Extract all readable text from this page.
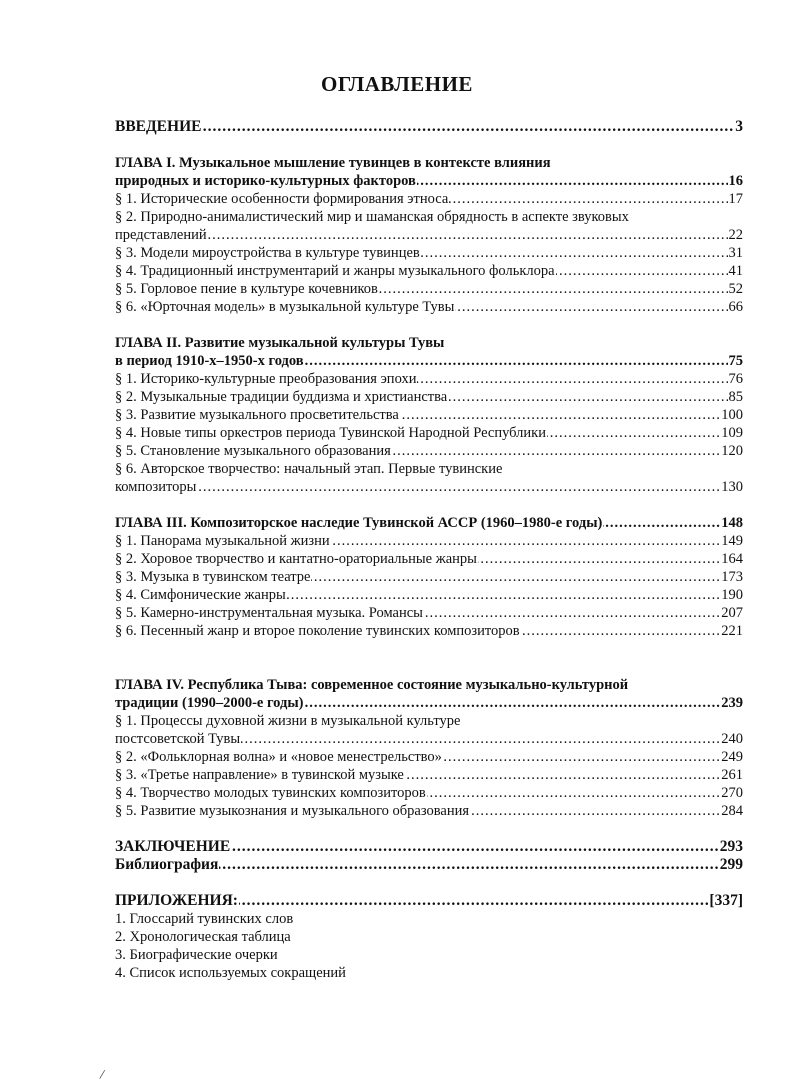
ОГЛАВЛЕНИЕ
ВВЕДЕНИЕ	3
.....
ГЛАВА I. Музыкальное мышление тувинцев в контексте влияния
природных и историко-культурных факторов	16
.....
§ 1. Исторические особенности формирования этноса	17
.....
§ 2. Природно-анималистический мир и шаманская обрядность в аспекте звуковых
представлений	22
.....
§ 3. Модели мироустройства в культуре тувинцев	31
.....
§ 4. Традиционный инструментарий и жанры музыкального фольклора	41
.....
§ 5. Горловое пение в культуре кочевников	52
.....
§ 6. «Юрточная модель» в музыкальной культуре Тувы	66
.....
ГЛАВА II. Развитие музыкальной культуры Тувы
в период 1910-х–1950-х годов	75
.....
§ 1. Историко-культурные преобразования эпохи	76
.....
§ 2. Музыкальные традиции буддизма и христианства	85
.....
§ 3. Развитие музыкального просветительства	100
.....
§ 4. Новые типы оркестров периода Тувинской Народной Республики	109
.....
§ 5. Становление музыкального образования	120
.....
§ 6. Авторское творчество: начальный этап. Первые тувинские
композиторы	130
.....
ГЛАВА III. Композиторское наследие Тувинской АССР (1960–1980-е годы)	148
.....
§ 1. Панорама музыкальной жизни	149
.....
§ 2. Хоровое творчество и кантатно-ораториальные жанры	164
.....
§ 3. Музыка в тувинском театре	173
.....
§ 4. Симфонические жанры	190
.....
§ 5. Камерно-инструментальная музыка. Романсы	207
.....
§ 6. Песенный жанр и второе поколение тувинских композиторов	221
.....
ГЛАВА IV. Республика Тыва: современное состояние музыкально-культурной
традиции (1990–2000-е годы)	239
.....
§ 1. Процессы духовной жизни в музыкальной культуре
постсоветской Тувы	240
.....
§ 2. «Фольклорная волна» и «новое менестрельство»	249
.....
§ 3. «Третье направление» в тувинской музыке	261
.....
§ 4. Творчество молодых тувинских композиторов	270
.....
§ 5. Развитие музыкознания и музыкального образования	284
.....
ЗАКЛЮЧЕНИЕ	293
.....
Библиография	299
.....
ПРИЛОЖЕНИЯ:	[337]
.....
1. Глоссарий тувинских слов
2. Хронологическая таблица
3. Биографические очерки
4. Список используемых сокращений
/
